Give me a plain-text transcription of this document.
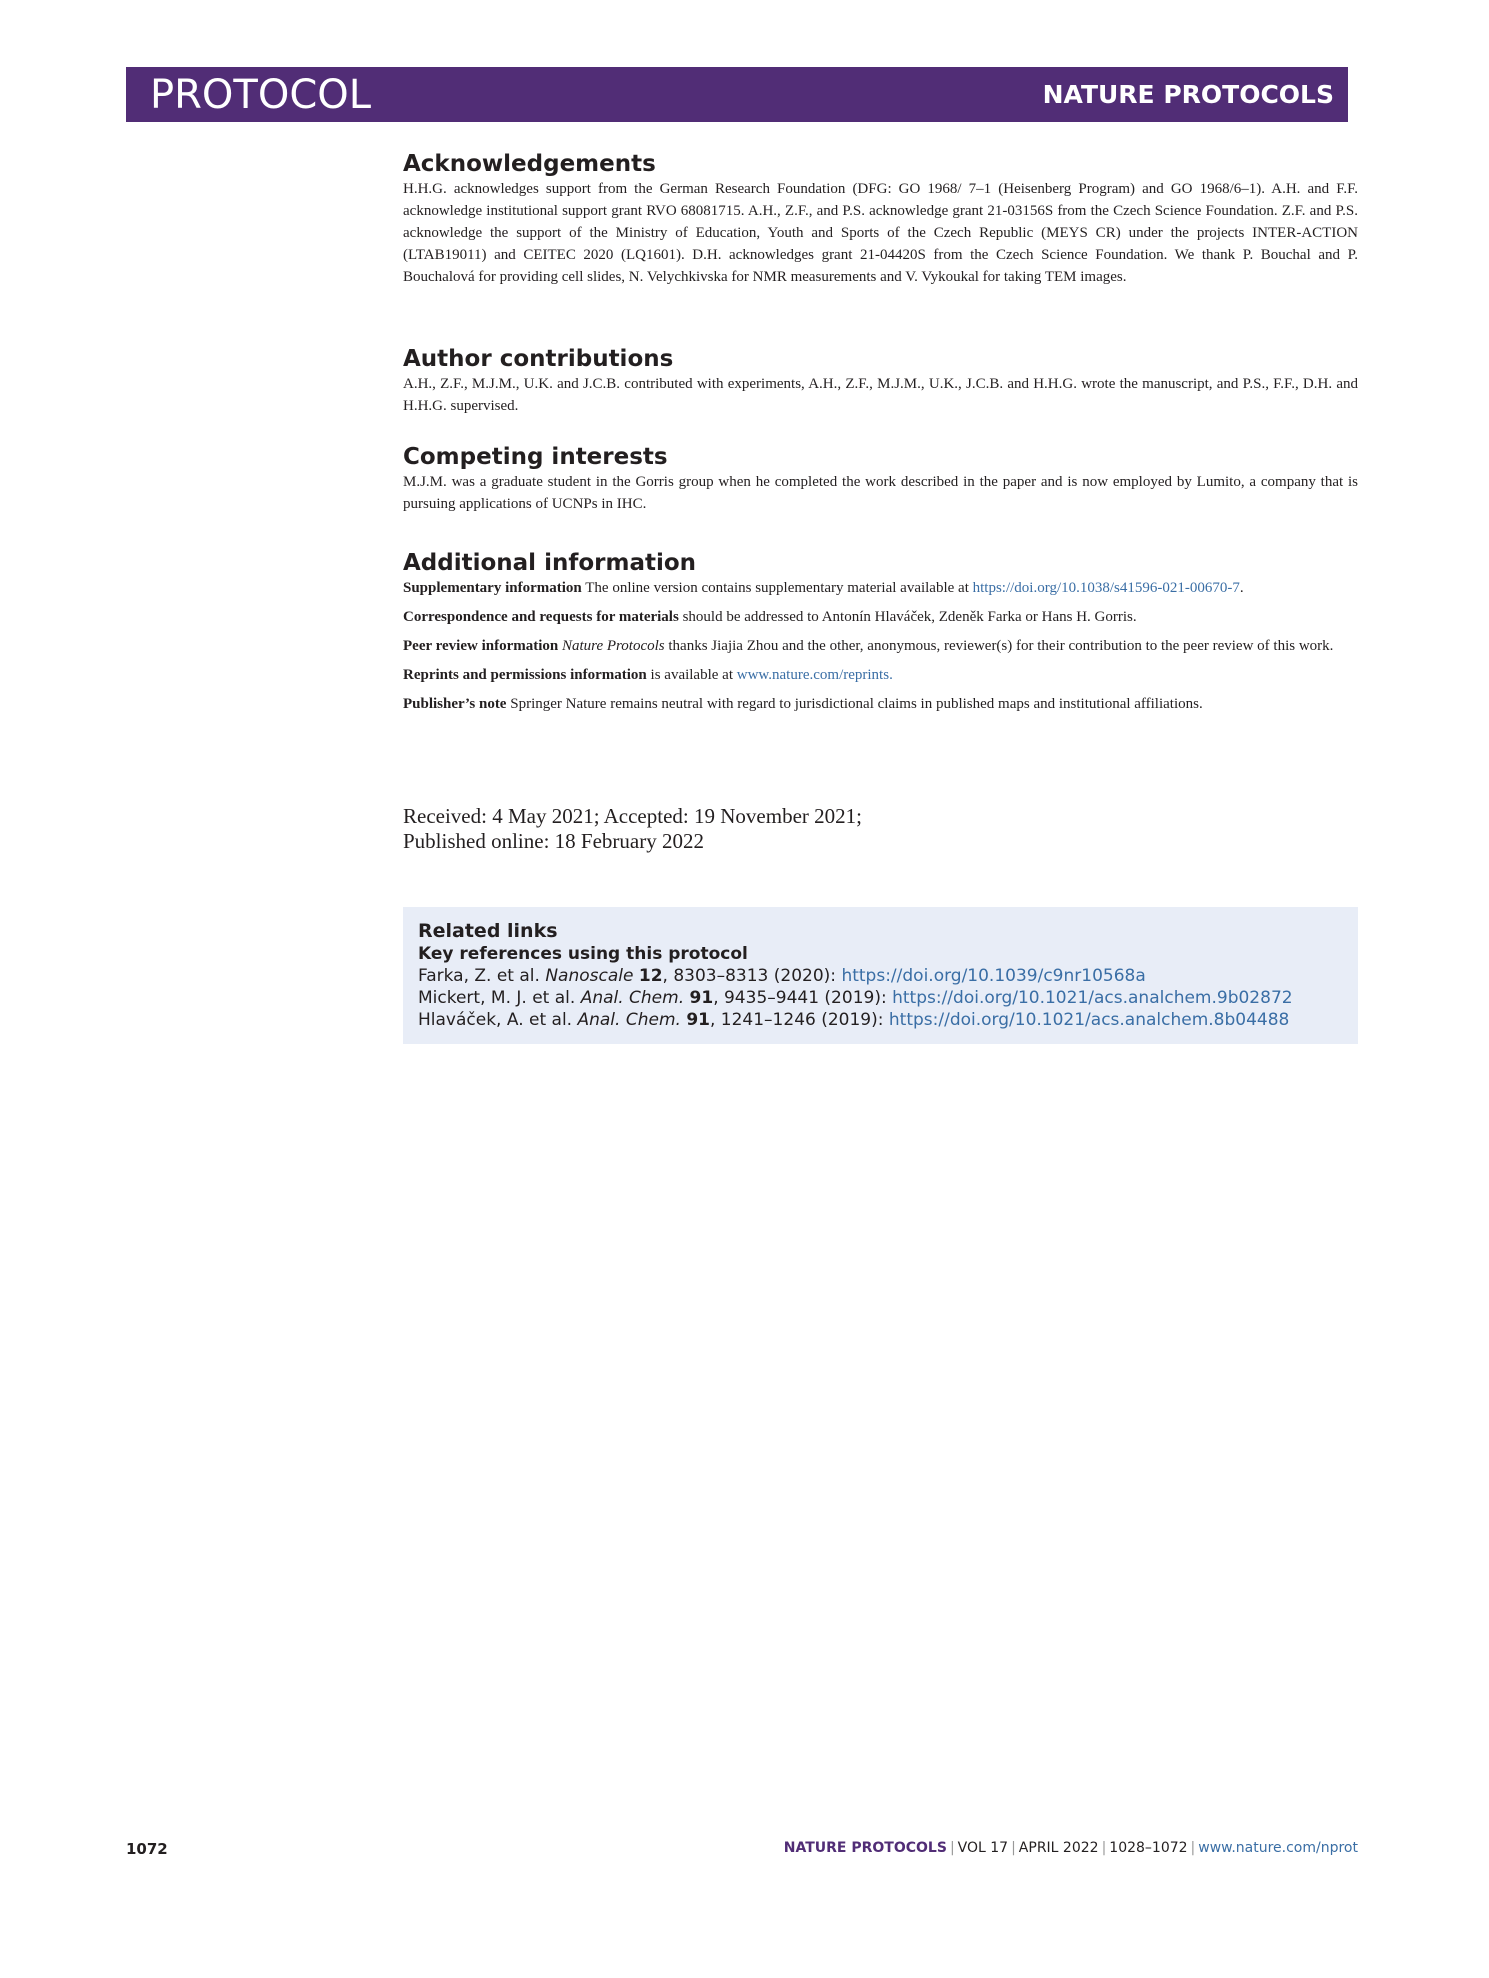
PROTOCOL	NATURE PROTOCOLS
Acknowledgements

H.H.G. acknowledges support from the German Research Foundation (DFG: GO 1968/ 7–1 (Heisenberg Program) and GO 1968/6–1). A.H. and F.F. acknowledge institutional support grant RVO 68081715. A.H., Z.F., and P.S. acknowledge grant 21-03156S from the Czech Science Foundation. Z.F. and P.S. acknowledge the support of the Ministry of Education, Youth and Sports of the Czech Republic (MEYS CR) under the projects INTER-ACTION (LTAB19011) and CEITEC 2020 (LQ1601). D.H. acknowledges grant 21-04420S from the Czech Science Foundation. We thank P. Bouchal and P. Bouchalová for providing cell slides, N. Velychkivska for NMR measurements and V. Vykoukal for taking TEM images.

Author contributions

A.H., Z.F., M.J.M., U.K. and J.C.B. contributed with experiments, A.H., Z.F., M.J.M., U.K., J.C.B. and H.H.G. wrote the manuscript, and P.S., F.F., D.H. and H.H.G. supervised.

Competing interests

M.J.M. was a graduate student in the Gorris group when he completed the work described in the paper and is now employed by Lumito, a company that is pursuing applications of UCNPs in IHC.

Additional information

Supplementary information The online version contains supplementary material available at https://doi.org/10.1038/s41596-021-00670-7.

Correspondence and requests for materials should be addressed to Antonín Hlaváček, Zdeněk Farka or Hans H. Gorris.

Peer review information Nature Protocols thanks Jiajia Zhou and the other, anonymous, reviewer(s) for their contribution to the peer review of this work.

Reprints and permissions information is available at www.nature.com/reprints.

Publisher’s note Springer Nature remains neutral with regard to jurisdictional claims in published maps and institutional affiliations.

Received: 4 May 2021; Accepted: 19 November 2021;
Published online: 18 February 2022

Related links

Key references using this protocol

Farka, Z. et al. Nanoscale 12, 8303–8313 (2020): https://doi.org/10.1039/c9nr10568a

Mickert, M. J. et al. Anal. Chem. 91, 9435–9441 (2019): https://doi.org/10.1021/acs.analchem.9b02872

Hlaváček, A. et al. Anal. Chem. 91, 1241–1246 (2019): https://doi.org/10.1021/acs.analchem.8b04488

1072	NATURE PROTOCOLS | VOL 17 | APRIL 2022 | 1028–1072 | www.nature.com/nprot
